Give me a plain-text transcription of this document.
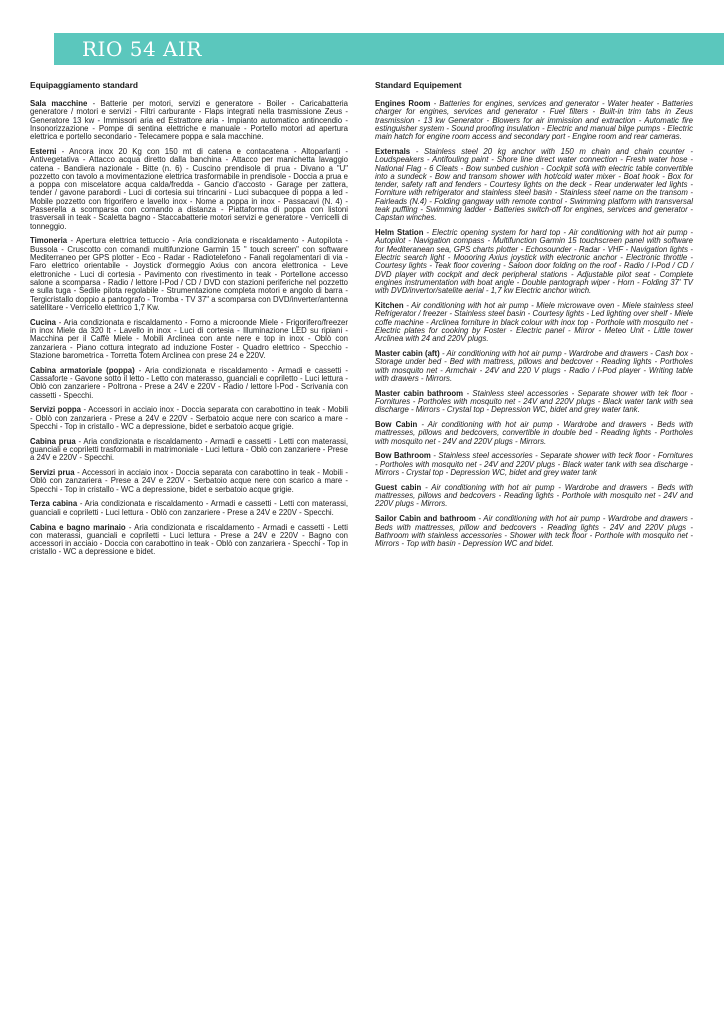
RIO 54 AIR
Equipaggiamento standard

Sala macchine - Batterie per motori, servizi e generatore - Boiler - Caricabatteria generatore / motori e servizi - Filtri carburante - Flaps integrati nella trasmissione Zeus - Generatore 13 kw - Immissori aria ed Estrattore aria - Impianto automatico antincendio - Insonorizzazione - Pompe di sentina elettriche e manuale - Portello motori ad apertura elettrica e portello secondario - Telecamere poppa e sala macchine.

Esterni - Ancora inox 20 Kg con 150 mt di catena e contacatena - Altoparlanti - Antivegetativa - Attacco acqua diretto dalla banchina - Attacco per manichetta lavaggio catena - Bandiera nazionale - Bitte (n. 6) - Cuscino prendisole di prua - Divano a "U" pozzetto con tavolo a movimentazione elettrica trasformabile in prendisole - Doccia a prua e a poppa con miscelatore acqua calda/fredda - Gancio d'accosto - Garage per zattera, tender / gavone parabordi - Luci di cortesia sui trincarini - Luci subacquee di poppa a led - Mobile pozzetto con frigorifero e lavello inox - Nome a poppa in inox - Passacavi (N. 4) - Passerella a scomparsa con comando a distanza - Piattaforma di poppa con listoni trasversali in teak - Scaletta bagno - Staccabatterie motori servizi e generatore - Verricelli di tonneggio.

Timoneria - Apertura elettrica tettuccio - Aria condizionata e riscaldamento - Autopilota - Bussola - Cruscotto con comandi multifunzione Garmin 15 " touch screen" con software Mediterraneo per GPS plotter - Eco - Radar - Radiotelefono - Fanali regolamentari di via - Faro elettrico orientabile - Joystick d'ormeggio Axius con ancora elettronica - Leve elettroniche - Luci di cortesia - Pavimento con rivestimento in teak - Portellone accesso salone a scomparsa - Radio / lettore I-Pod / CD / DVD con stazioni periferiche nel pozzetto e sulla tuga - Sedile pilota regolabile - Strumentazione completa motori e angolo di barra - Tergicristallo doppio a pantografo - Tromba - TV 37" a scomparsa con DVD/inverter/antenna satellitare - Verricello elettrico 1,7 Kw.

Cucina - Aria condizionata e riscaldamento - Forno a microonde Miele - Frigorifero/freezer in inox Miele da 320 lt - Lavello in inox - Luci di cortesia - Illuminazione LED su ripiani - Macchina per il Caffè Miele - Mobili Arclinea con ante nere e top in inox - Oblò con zanzariera - Piano cottura integrato ad induzione Foster - Quadro elettrico - Specchio - Stazione barometrica - Torretta Totem Arclinea con prese 24 e 220V.

Cabina armatoriale (poppa) - Aria condizionata e riscaldamento - Armadi e cassetti - Cassaforte - Gavone sotto il letto - Letto con materasso, guanciali e copriletto - Luci lettura - Oblò con zanzariere - Poltrona - Prese a 24V e 220V - Radio / lettore I-Pod - Scrivania con cassetti - Specchi.

Servizi poppa - Accessori in acciaio inox - Doccia separata con carabottino in teak - Mobili - Oblò con zanzariera - Prese a 24V e 220V - Serbatoio acque nere con scarico a mare - Specchi - Top in cristallo - WC a depressione, bidet e serbatoio acque grigie.

Cabina prua - Aria condizionata e riscaldamento - Armadi e cassetti - Letti con materassi, guanciali e copriletti trasformabili in matrimoniale - Luci lettura - Oblò con zanzariere - Prese a 24V e 220V - Specchi.

Servizi prua - Accessori in acciaio inox - Doccia separata con carabottino in teak - Mobili - Oblò con zanzariera - Prese a 24V e 220V - Serbatoio acque nere con scarico a mare - Specchi - Top in cristallo - WC a depressione, bidet e serbatoio acque grigie.

Terza cabina - Aria condizionata e riscaldamento - Armadi e cassetti - Letti con materassi, guanciali e copriletti - Luci lettura - Oblò con zanzariere - Prese a 24V e 220V - Specchi.

Cabina e bagno marinaio - Aria condizionata e riscaldamento - Armadi e cassetti - Letti con materassi, guanciali e copriletti - Luci lettura - Prese a 24V e 220V - Bagno con accessori in acciaio - Doccia con carabottino in teak - Oblò con zanzariera - Specchi - Top in cristallo - WC a depressione e bidet.

Standard Equipement

Engines Room - Batteries for engines, services and generator - Water heater - Batteries charger for engines, services and generator - Fuel filters - Built-in trim tabs in Zeus trasmission - 13 kw Generator - Blowers for air immission and extraction - Automatic fire estinguisher system - Sound proofing insulation - Electric and manual bilge pumps - Electric main hatch for engine room access and secondary port - Engine room and rear cameras.

Externals - Stainless steel 20 kg anchor with 150 m chain and chain counter - Loudspeakers - Antifouling paint - Shore line direct water connection - Fresh water hose - National Flag - 6 Cleats - Bow sunbed cushion - Cockpit sofà with electric table convertible into a sundeck - Bow and transom shower with hot/cold water mixer - Boat hook - Box for tender, safety raft and fenders - Courtesy lights on the deck - Rear underwater led lights - Forniture with refrigerator and stainless steel basin - Stainless steel name on the transom - Fairleads (N.4) - Folding gangway with remote control - Swimming platform with transversal teak puffling - Swimming ladder - Batteries switch-off for engines, services and generator - Capstan winches.

Helm Station - Electric opening system for hard top - Air conditioning with hot air pump - Autopilot - Navigation compass - Multifunction Garmin 15 touchscreen panel with software for Mediteranean sea, GPS charts plotter - Echosounder - Radar - VHF - Navigation lights - Electric search light - Moooring Axius joystick with electronic anchor - Electronic throttle - Courtesy lights - Teak floor covering - Saloon door folding on the roof - Radio / I-Pod / CD / DVD player with cockpit and deck peripheral stations - Adjustable pilot seat - Complete engines instrumentation with boat angle - Double pantograph wiper - Horn - Folding 37' TV with DVD/invertor/satelite aerial - 1,7 kw Electric anchor winch.

Kitchen - Air conditioning with hot air pump - Miele microwave oven - Miele stainless steel Refrigerator / freezer - Stainless steel basin - Courtesy lights - Led lighting over shelf - Miele coffe machine - Arclinea forniture in black colour with inox top - Porthole with mosquito net - Electric plates for cooking by Foster - Electric panel - Mirror - Meteo Unit - Little tower Arclinea with 24 and 220V plugs.

Master cabin (aft) - Air conditioning with hot air pump - Wardrobe and drawers - Cash box - Storage under bed - Bed with mattress, pillows and bedcover - Reading lights - Portholes with mosquito net - Armchair - 24V and 220 V plugs - Radio / I-Pod player - Writing table with drawers - Mirrors.

Master cabin bathroom - Stainless steel accessories - Separate shower with tek floor - Fornitures - Portholes with mosquito net - 24V and 220V plugs - Black water tank with sea discharge - Mirrors - Crystal top - Depression WC, bidet and grey water tank.

Bow Cabin - Air conditioning with hot air pump - Wardrobe and drawers - Beds with mattresses, pillows and bedcovers, convertible in double bed - Reading lights - Portholes with mosquito net - 24V and 220V plugs - Mirrors.

Bow Bathroom - Stainless steel accessories - Separate shower with teck floor - Fornitures - Portholes with mosquito net - 24V and 220V plugs - Black water tank with sea discharge - Mirrors - Crystal top - Depression WC, bidet and grey water tank

Guest cabin - Air conditioning with hot air pump - Wardrobe and drawers - Beds with mattresses, pillows and bedcovers - Reading lights - Porthole with mosquito net - 24V and 220V plugs - Mirrors.

Sailor Cabin and bathroom - Air conditioning with hot air pump - Wardrobe and drawers - Beds with mattresses, pillow and bedcovers - Reading lights - 24V and 220V plugs - Bathroom with stainless accessories - Shower with teck floor - Porthole with mosquito net - Mirrors - Top with basin - Depression WC and bidet.
